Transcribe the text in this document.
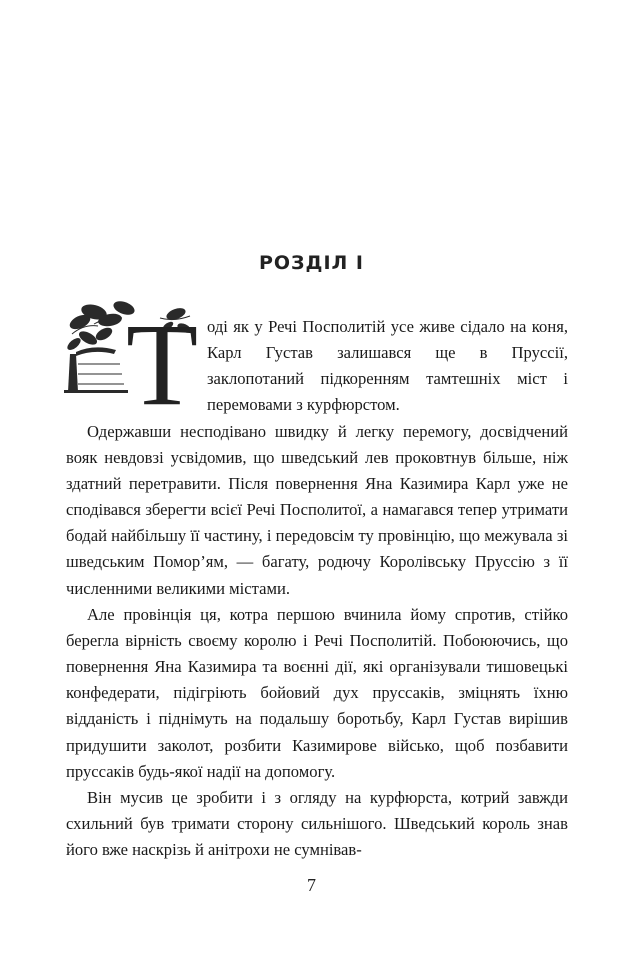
РОЗДІЛ І

Т оді як у Речі Посполитій усе живе сідало на коня, Карл Густав залишався ще в Пруссії, заклопотаний підкоренням тамтешніх міст і перемовами з курфюрстом.

Одержавши несподівано швидку й легку перемогу, досвідчений вояк невдовзі усвідомив, що шведський лев проковтнув більше, ніж здатний перетравити. Після повернення Яна Казимира Карл уже не сподівався зберегти всієї Речі Посполитої, а намагався тепер утримати бодай найбільшу її частину, і передовсім ту провінцію, що межувала зі шведським Помор’ям, — багату, родючу Королівську Пруссію з її численними великими містами.

Але провінція ця, котра першою вчинила йому спротив, стійко берегла вірність своєму королю і Речі Посполитій. Побоюючись, що повернення Яна Казимира та воєнні дії, які організували тишовецькі конфедерати, підігріють бойовий дух пруссаків, зміцнять їхню відданість і піднімуть на подальшу боротьбу, Карл Густав вирішив придушити заколот, розбити Казимирове військо, щоб позбавити пруссаків будь-якої надії на допомогу.

Він мусив це зробити і з огляду на курфюрста, котрий завжди схильний був тримати сторону сильнішого. Шведський король знав його вже наскрізь й анітрохи не сумнівав-

7
